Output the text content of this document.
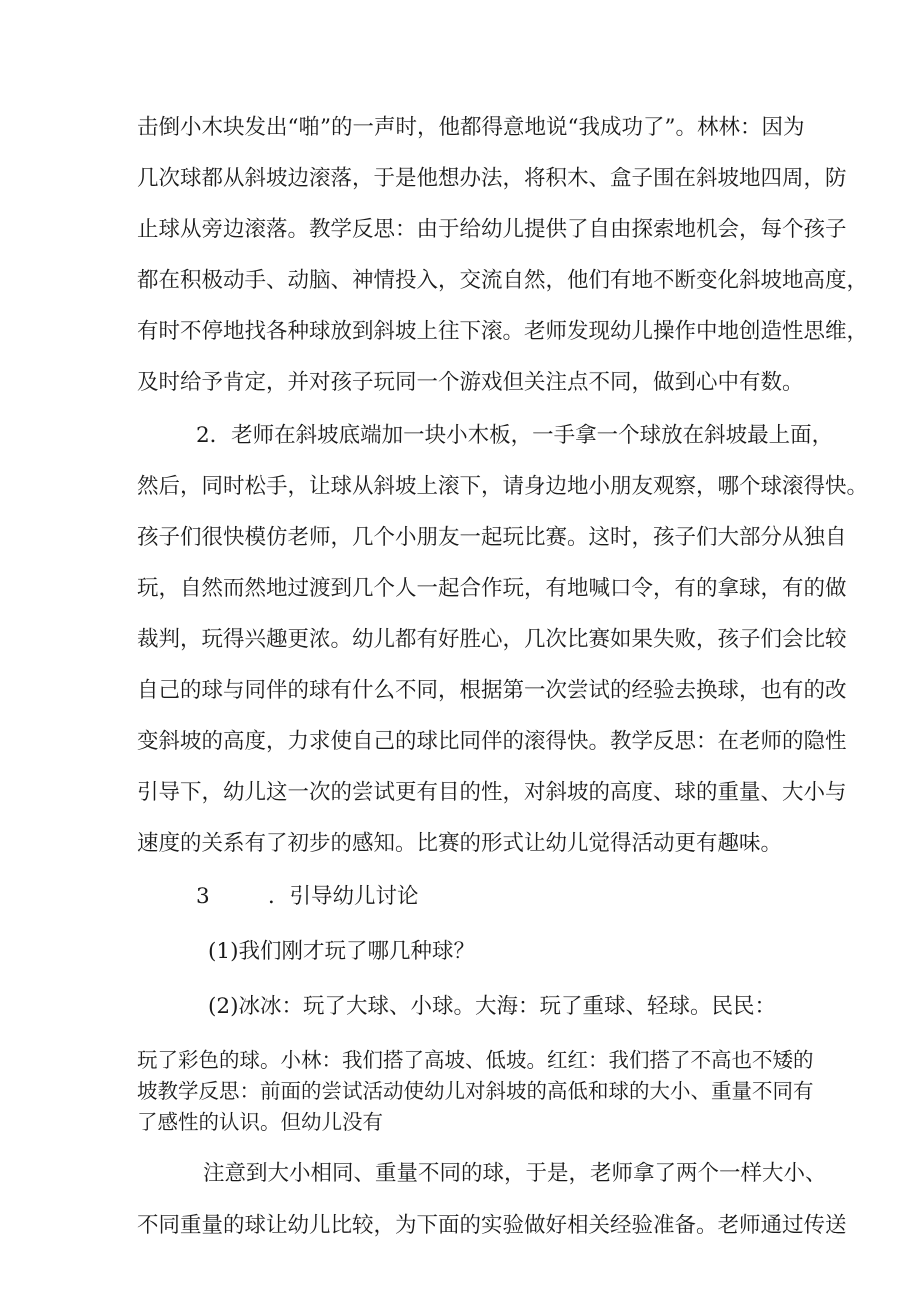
击倒小木块发出“啪”的一声时，他都得意地说“我成功了”。林林：因为
几次球都从斜坡边滚落，于是他想办法，将积木、盒子围在斜坡地四周，防
止球从旁边滚落。教学反思：由于给幼儿提供了自由探索地机会，每个孩子
都在积极动手、动脑、神情投入，交流自然，他们有地不断变化斜坡地高度，
有时不停地找各种球放到斜坡上往下滚。老师发现幼儿操作中地创造性思维，
及时给予肯定，并对孩子玩同一个游戏但关注点不同，做到心中有数。
2．老师在斜坡底端加一块小木板，一手拿一个球放在斜坡最上面，
然后，同时松手，让球从斜坡上滚下，请身边地小朋友观察，哪个球滚得快。
孩子们很快模仿老师，几个小朋友一起玩比赛。这时，孩子们大部分从独自
玩，自然而然地过渡到几个人一起合作玩，有地喊口令，有的拿球，有的做
裁判，玩得兴趣更浓。幼儿都有好胜心，几次比赛如果失败，孩子们会比较
自己的球与同伴的球有什么不同，根据第一次尝试的经验去换球，也有的改
变斜坡的高度，力求使自己的球比同伴的滚得快。教学反思：在老师的隐性
引导下，幼儿这一次的尝试更有目的性，对斜坡的高度、球的重量、大小与
速度的关系有了初步的感知。比赛的形式让幼儿觉得活动更有趣味。
3	．引导幼儿讨论
(1)我们刚才玩了哪几种球？
(2)冰冰：玩了大球、小球。大海：玩了重球、轻球。民民：
玩了彩色的球。小林：我们搭了高坡、低坡。红红：我们搭了不高也不矮的
坡教学反思：前面的尝试活动使幼儿对斜坡的高低和球的大小、重量不同有
了感性的认识。但幼儿没有
注意到大小相同、重量不同的球，于是，老师拿了两个一样大小、
不同重量的球让幼儿比较，为下面的实验做好相关经验准备。老师通过传送
